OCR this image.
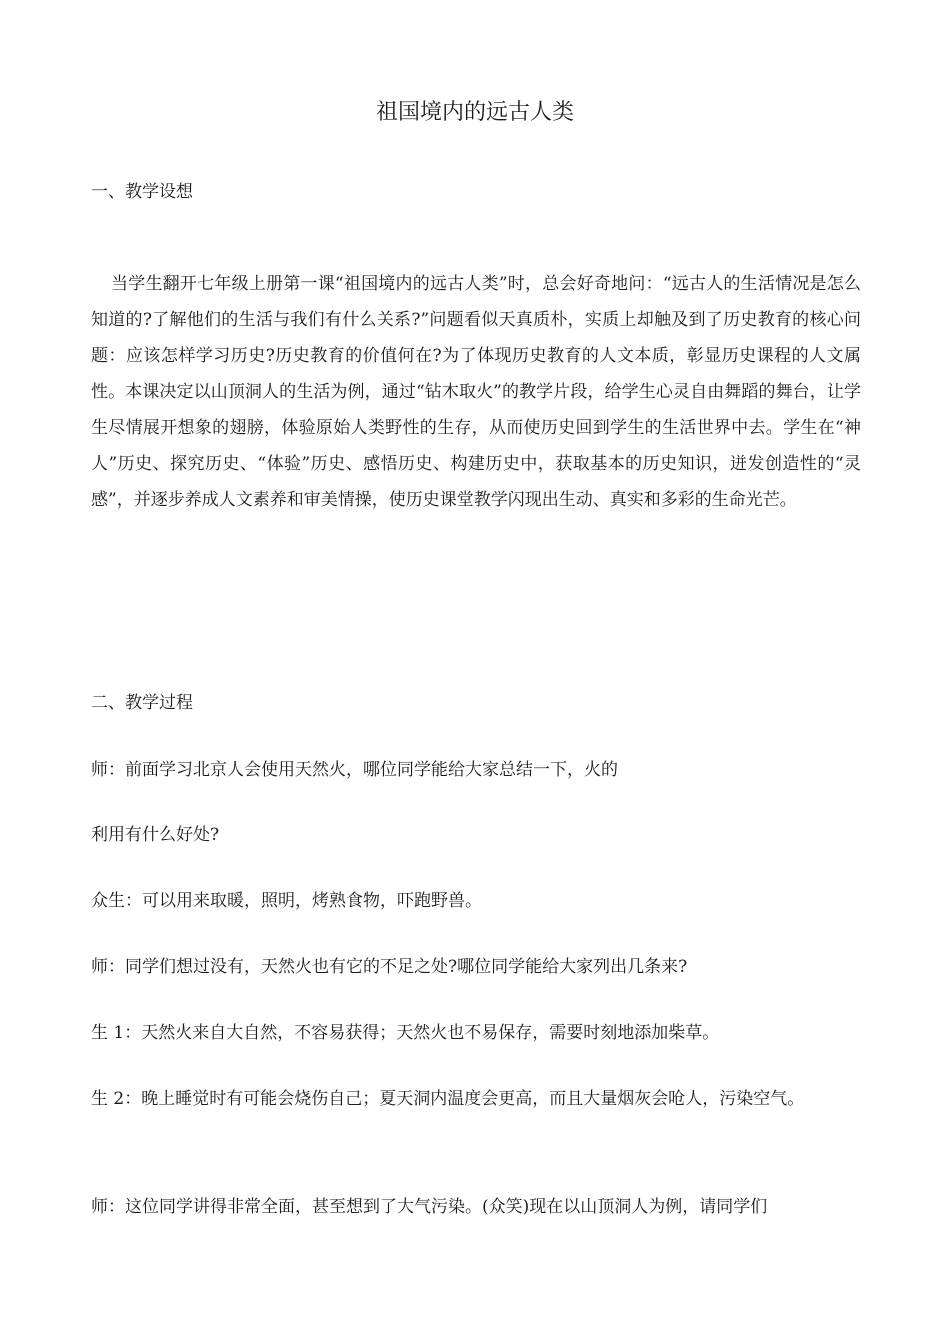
祖国境内的远古人类
一、教学设想

当学生翻开七年级上册第一课“祖国境内的远古人类”时，总会好奇地问：“远古人的生活情况是怎么知道的?了解他们的生活与我们有什么关系?”问题看似天真质朴，实质上却触及到了历史教育的核心问题：应该怎样学习历史?历史教育的价值何在?为了体现历史教育的人文本质，彰显历史课程的人文属性。本课决定以山顶洞人的生活为例，通过“钻木取火”的教学片段，给学生心灵自由舞蹈的舞台，让学生尽情展开想象的翅膀，体验原始人类野性的生存，从而使历史回到学生的生活世界中去。学生在“神人”历史、探究历史、“体验”历史、感悟历史、构建历史中，获取基本的历史知识，迸发创造性的“灵感”，并逐步养成人文素养和审美情操，使历史课堂教学闪现出生动、真实和多彩的生命光芒。

二、教学过程

师：前面学习北京人会使用天然火，哪位同学能给大家总结一下，火的

利用有什么好处?

众生：可以用来取暖，照明，烤熟食物，吓跑野兽。

师：同学们想过没有，天然火也有它的不足之处?哪位同学能给大家列出几条来?

生 1：天然火来自大自然，不容易获得；天然火也不易保存，需要时刻地添加柴草。

生 2：晚上睡觉时有可能会烧伤自己；夏天洞内温度会更高，而且大量烟灰会呛人，污染空气。

师：这位同学讲得非常全面，甚至想到了大气污染。(众笑)现在以山顶洞人为例，请同学们
